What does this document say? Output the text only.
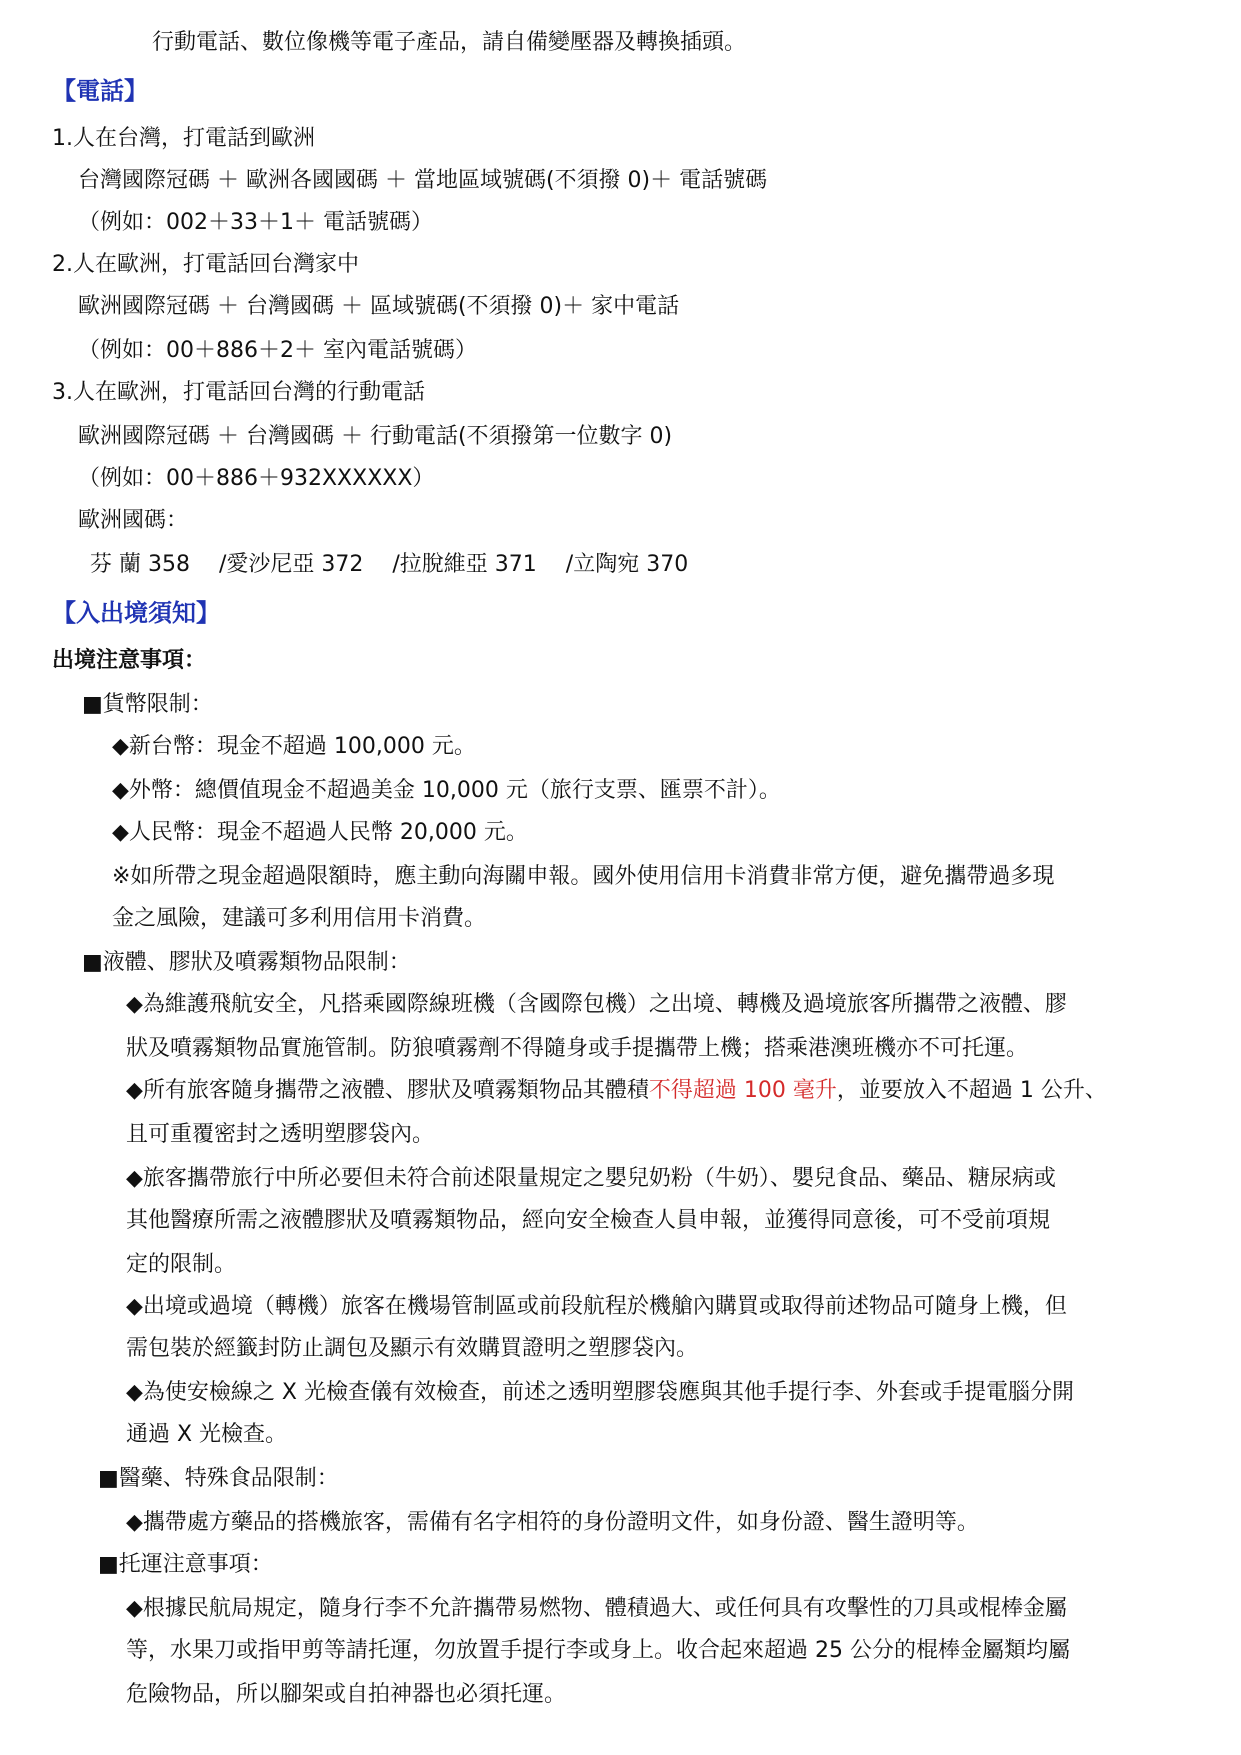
行動電話、數位像機等電子產品，請自備變壓器及轉換插頭。
【電話】
1.人在台灣，打電話到歐洲
台灣國際冠碼 ＋ 歐洲各國國碼 ＋ 當地區域號碼(不須撥 0)＋ 電話號碼
（例如：002＋33＋1＋ 電話號碼）
2.人在歐洲，打電話回台灣家中
歐洲國際冠碼 ＋ 台灣國碼 ＋ 區域號碼(不須撥 0)＋ 家中電話
（例如：00＋886＋2＋ 室內電話號碼）
3.人在歐洲，打電話回台灣的行動電話
歐洲國際冠碼 ＋ 台灣國碼 ＋ 行動電話(不須撥第一位數字 0)
（例如：00＋886＋932XXXXXX）
歐洲國碼：
芬 蘭 358 /愛沙尼亞 372 /拉脫維亞 371 /立陶宛 370
【入出境須知】
出境注意事項：
■貨幣限制：
◆新台幣：現金不超過 100,000 元。
◆外幣：總價值現金不超過美金 10,000 元（旅行支票、匯票不計）。
◆人民幣：現金不超過人民幣 20,000 元。
※如所帶之現金超過限額時，應主動向海關申報。國外使用信用卡消費非常方便，避免攜帶過多現
金之風險，建議可多利用信用卡消費。
■液體、膠狀及噴霧類物品限制：
◆為維護飛航安全，凡搭乘國際線班機（含國際包機）之出境、轉機及過境旅客所攜帶之液體、膠
狀及噴霧類物品實施管制。防狼噴霧劑不得隨身或手提攜帶上機；搭乘港澳班機亦不可托運。
◆所有旅客隨身攜帶之液體、膠狀及噴霧類物品其體積不得超過 100 毫升，並要放入不超過 1 公升、
且可重覆密封之透明塑膠袋內。
◆旅客攜帶旅行中所必要但未符合前述限量規定之嬰兒奶粉（牛奶）、嬰兒食品、藥品、糖尿病或
其他醫療所需之液體膠狀及噴霧類物品，經向安全檢查人員申報，並獲得同意後，可不受前項規
定的限制。
◆出境或過境（轉機）旅客在機場管制區或前段航程於機艙內購買或取得前述物品可隨身上機，但
需包裝於經籤封防止調包及顯示有效購買證明之塑膠袋內。
◆為使安檢線之 X 光檢查儀有效檢查，前述之透明塑膠袋應與其他手提行李、外套或手提電腦分開
通過 X 光檢查。
■醫藥、特殊食品限制：
◆攜帶處方藥品的搭機旅客，需備有名字相符的身份證明文件，如身份證、醫生證明等。
■托運注意事項：
◆根據民航局規定，隨身行李不允許攜帶易燃物、體積過大、或任何具有攻擊性的刀具或棍棒金屬
等，水果刀或指甲剪等請托運，勿放置手提行李或身上。收合起來超過 25 公分的棍棒金屬類均屬
危險物品，所以腳架或自拍神器也必須托運。
